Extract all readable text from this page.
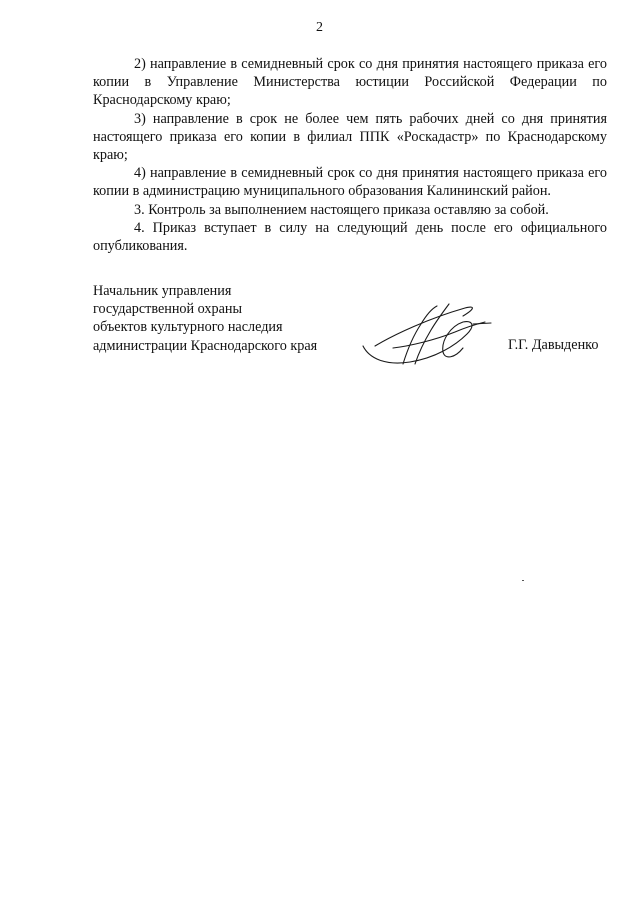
2

2) направление в семидневный срок со дня принятия настоящего приказа его копии в Управление Министерства юстиции Российской Федерации по Краснодарскому краю;

3) направление в срок не более чем пять рабочих дней со дня принятия настоящего приказа его копии в филиал ППК «Роскадастр» по Краснодарскому краю;

4) направление в семидневный срок со дня принятия настоящего приказа его копии в администрацию муниципального образования Калининский район.

3. Контроль за выполнением настоящего приказа оставляю за собой.

4. Приказ вступает в силу на следующий день после его официального опубликования.

Начальник управления
государственной охраны
объектов культурного наследия
администрации Краснодарского края	Г.Г. Давыденко
